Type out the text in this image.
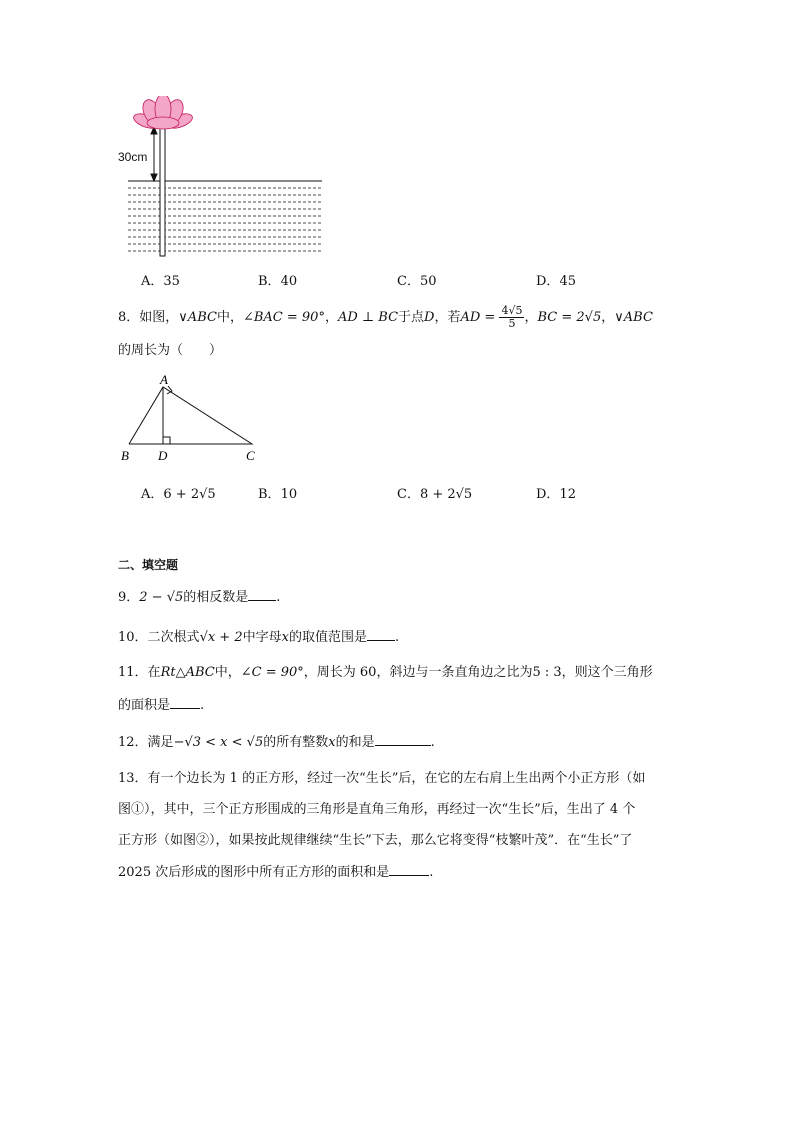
30cm
A．35	B．40	C．50	D．45
8．如图，∨ABC中，∠BAC = 90°，AD ⊥ BC于点D，若AD = $\frac{4√5}{5}$ ，BC = 2√5，∨ABC
的周长为（　　）
A
B D	C
A．6 + 2√5	B．10	C．8 + 2√5	D．12
二、填空题
9．2 − √5的相反数是 .
10．二次根式√x + 2中字母x的取值范围是 .
11．在Rt△ABC中，∠C = 90°，周长为 60，斜边与一条直角边之比为5 : 3，则这个三角形
的面积是 .
12．满足−√3 < x < √5的所有整数x的和是	.
13．有一个边长为 1 的正方形，经过一次“生长”后，在它的左右肩上生出两个小正方形（如
图①），其中，三个正方形围成的三角形是直角三角形，再经过一次“生长”后，生出了 4 个
正方形（如图②），如果按此规律继续“生长”下去，那么它将变得“枝繁叶茂”．在“生长”了
2025 次后形成的图形中所有正方形的面积和是	.
